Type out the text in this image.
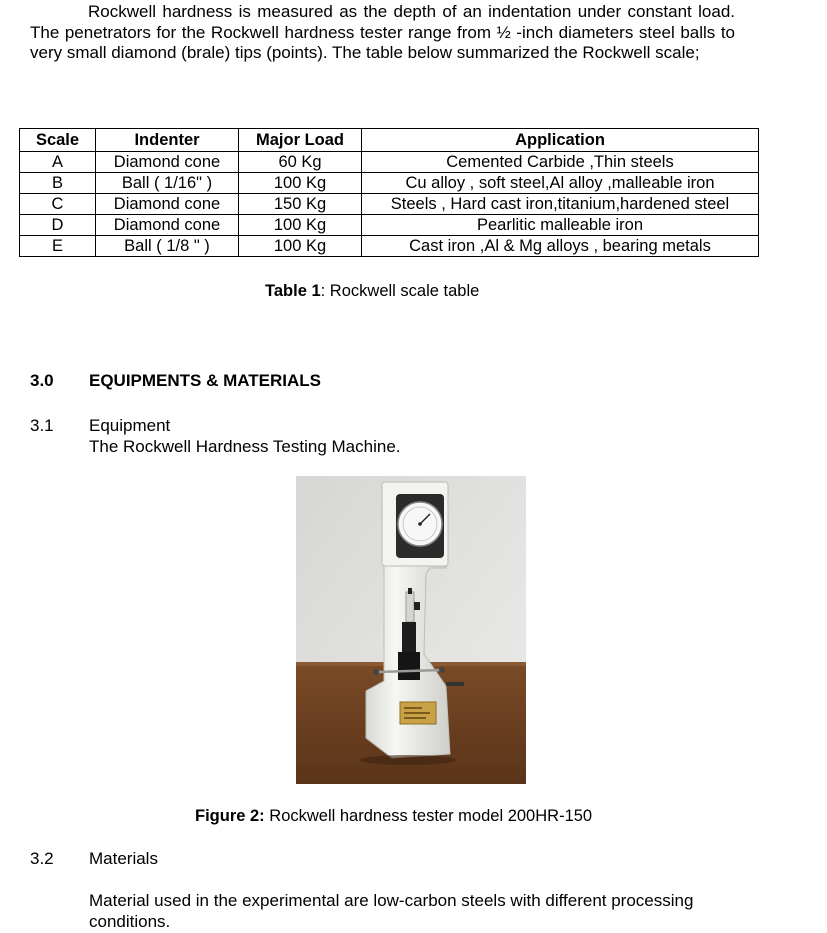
Rockwell hardness is measured as the depth of an indentation under constant load. The penetrators for the Rockwell hardness tester range from ½ -inch diameters steel balls to very small diamond (brale) tips (points). The table below summarized the Rockwell scale;
Scale	Indenter	Major Load	Application
A	Diamond cone	60 Kg	Cemented Carbide ,Thin steels
B	Ball ( 1/16" )	100 Kg	Cu alloy , soft steel,Al alloy ,malleable iron
C	Diamond cone	150 Kg	Steels , Hard cast iron,titanium,hardened steel
D	Diamond cone	100 Kg	Pearlitic malleable iron
E	Ball ( 1/8 " )	100 Kg	Cast iron ,Al & Mg alloys , bearing metals
Table 1: Rockwell scale table
3.0 EQUIPMENTS & MATERIALS
3.1 Equipment
The Rockwell Hardness Testing Machine.
Figure 2: Rockwell hardness tester model 200HR-150
3.2 Materials
Material used in the experimental are low-carbon steels with different processing conditions.
